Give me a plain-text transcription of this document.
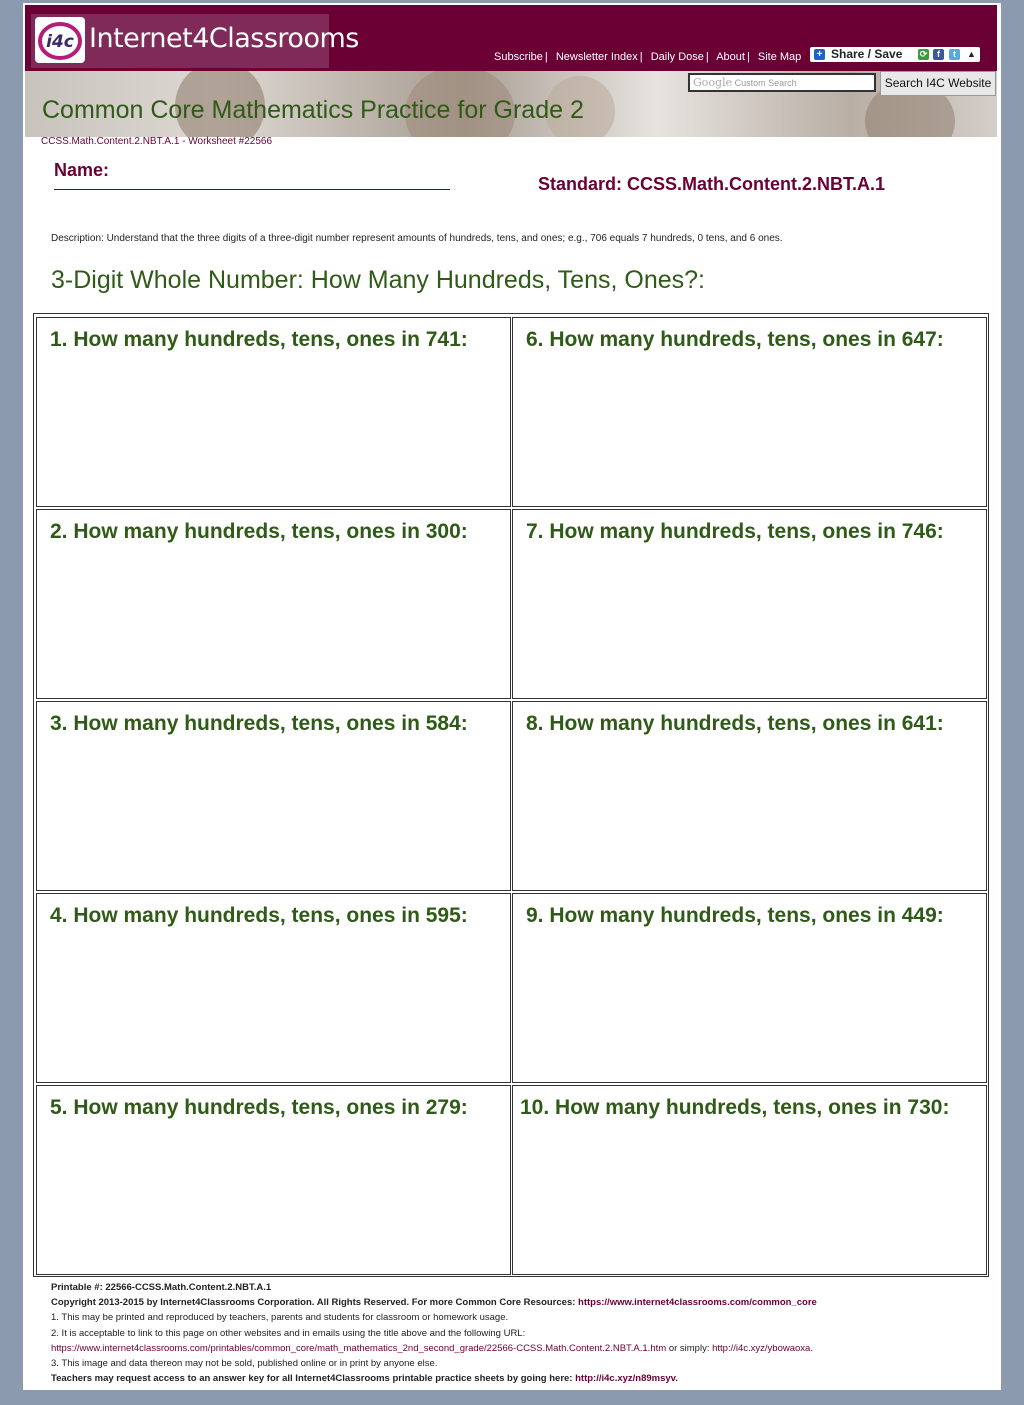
i4c Internet4Classrooms
Subscribe | Newsletter Index | Daily Dose | About | Site Map + Share / Save ⟳	f	t	▲

Common Core Mathematics Practice for Grade 2
Google Custom Search	Search I4C Website
CCSS.Math.Content.2.NBT.A.1 - Worksheet #22566
Name:
Standard: CCSS.Math.Content.2.NBT.A.1
Description: Understand that the three digits of a three-digit number represent amounts of hundreds, tens, and ones; e.g., 706 equals 7 hundreds, 0 tens, and 6 ones.
3-Digit Whole Number: How Many Hundreds, Tens, Ones?:
1. How many hundreds, tens, ones in 741:
2. How many hundreds, tens, ones in 300:
3. How many hundreds, tens, ones in 584:
4. How many hundreds, tens, ones in 595:
5. How many hundreds, tens, ones in 279:
6. How many hundreds, tens, ones in 647:
7. How many hundreds, tens, ones in 746:
8. How many hundreds, tens, ones in 641:
9. How many hundreds, tens, ones in 449:
10. How many hundreds, tens, ones in 730:
Printable #: 22566-CCSS.Math.Content.2.NBT.A.1
Copyright 2013-2015 by Internet4Classrooms Corporation. All Rights Reserved. For more Common Core Resources: https://www.internet4classrooms.com/common_core
1. This may be printed and reproduced by teachers, parents and students for classroom or homework usage.
2. It is acceptable to link to this page on other websites and in emails using the title above and the following URL:
https://www.internet4classrooms.com/printables/common_core/math_mathematics_2nd_second_grade/22566-CCSS.Math.Content.2.NBT.A.1.htm or simply: http://i4c.xyz/ybowaoxa.
3. This image and data thereon may not be sold, published online or in print by anyone else.
Teachers may request access to an answer key for all Internet4Classrooms printable practice sheets by going here: http://i4c.xyz/n89msyv.
